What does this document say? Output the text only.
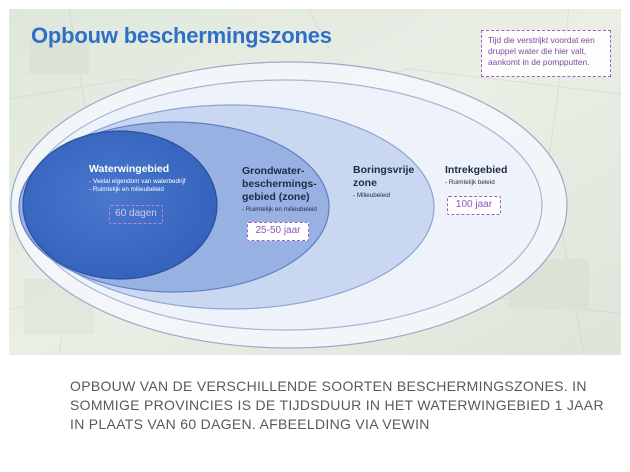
Opbouw beschermingszones	Tijd die verstrijkt voordat een druppel water die hier valt, aankomt in de pompputten.
Waterwingebied
- Veelal eigendom van waterbedrijf
- Ruimtelijk en milieubeleid
60 dagen
Grondwater-beschermings-gebied (zone)
- Ruimtelijk en milieubeleid
25-50 jaar
Boringsvrije zone
- Milieubeleid
Intrekgebied
- Ruimtelijk beleid
100 jaar

OPBOUW VAN DE VERSCHILLENDE SOORTEN BESCHERMINGSZONES. IN SOMMIGE PROVINCIES IS DE TIJDSDUUR IN HET WATERWINGEBIED 1 JAAR IN PLAATS VAN 60 DAGEN. AFBEELDING VIA VEWIN
